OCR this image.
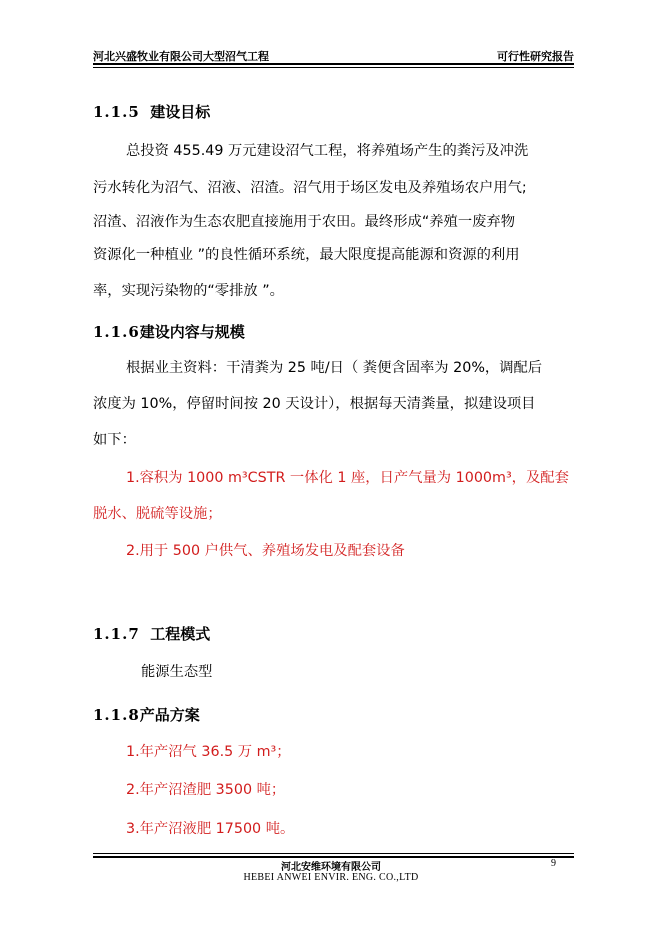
河北兴盛牧业有限公司大型沼气工程	可行性研究报告
1.1.5 建设目标
总投资 455.49 万元建设沼气工程，将养殖场产生的粪污及冲洗
污水转化为沼气、沼液、沼渣。沼气用于场区发电及养殖场农户用气;
沼渣、沼液作为生态农肥直接施用于农田。最终形成“养殖一废弃物
资源化一种植业 ”的良性循环系统，最大限度提高能源和资源的利用
率，实现污染物的“零排放 ”。
1.1.6建设内容与规模
根据业主资料：干清粪为 25 吨/日（ 粪便含固率为 20%，调配后
浓度为 10%，停留时间按 20 天设计），根据每天清粪量，拟建设项目
如下：
1.容积为 1000 m³CSTR 一体化 1 座，日产气量为 1000m³，及配套
脱水、脱硫等设施；
2.用于 500 户供气、养殖场发电及配套设备
1.1.7 工程模式
能源生态型
1.1.8产品方案
1.年产沼气 36.5 万 m³；
2.年产沼渣肥 3500 吨；
3.年产沼液肥 17500 吨。
河北安维环境有限公司
HEBEI ANWEI ENVIR. ENG. CO.,LTD
9
